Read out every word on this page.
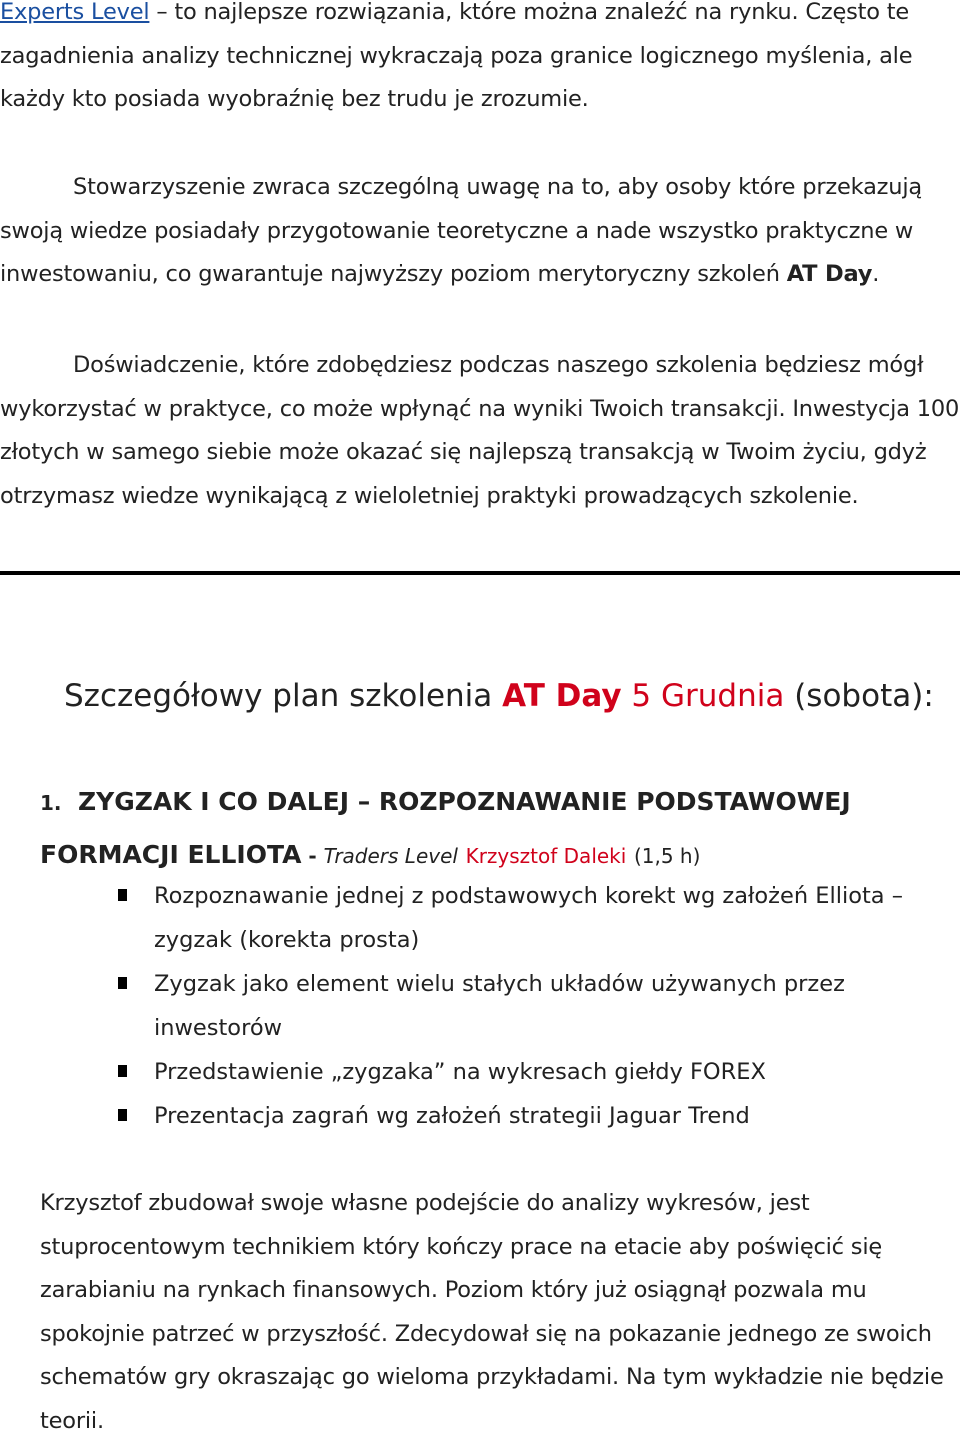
Experts Level – to najlepsze rozwiązania, które można znaleźć na rynku. Często te zagadnienia analizy technicznej wykraczają poza granice logicznego myślenia, ale każdy kto posiada wyobraźnię bez trudu je zrozumie.

Stowarzyszenie zwraca szczególną uwagę na to, aby osoby które przekazują swoją wiedze posiadały przygotowanie teoretyczne a nade wszystko praktyczne w inwestowaniu, co gwarantuje najwyższy poziom merytoryczny szkoleń AT Day.

Doświadczenie, które zdobędziesz podczas naszego szkolenia będziesz mógł wykorzystać w praktyce, co może wpłynąć na wyniki Twoich transakcji. Inwestycja 100 złotych w samego siebie może okazać się najlepszą transakcją w Twoim życiu, gdyż otrzymasz wiedze wynikającą z wieloletniej praktyki prowadzących szkolenie.

Szczegółowy plan szkolenia AT Day 5 Grudnia (sobota):
1. ZYGZAK I CO DALEJ – ROZPOZNAWANIE PODSTAWOWEJ FORMACJI ELLIOTA - Traders Level Krzysztof Daleki (1,5 h)
Rozpoznawanie jednej z podstawowych korekt wg założeń Elliota – zygzak (korekta prosta)
Zygzak jako element wielu stałych układów używanych przez inwestorów
Przedstawienie „zygzaka” na wykresach giełdy FOREX
Prezentacja zagrań wg założeń strategii Jaguar Trend

Krzysztof zbudował swoje własne podejście do analizy wykresów, jest stuprocentowym technikiem który kończy prace na etacie aby poświęcić się zarabianiu na rynkach finansowych. Poziom który już osiągnął pozwala mu spokojnie patrzeć w przyszłość. Zdecydował się na pokazanie jednego ze swoich schematów gry okraszając go wieloma przykładami. Na tym wykładzie nie będzie teorii.
